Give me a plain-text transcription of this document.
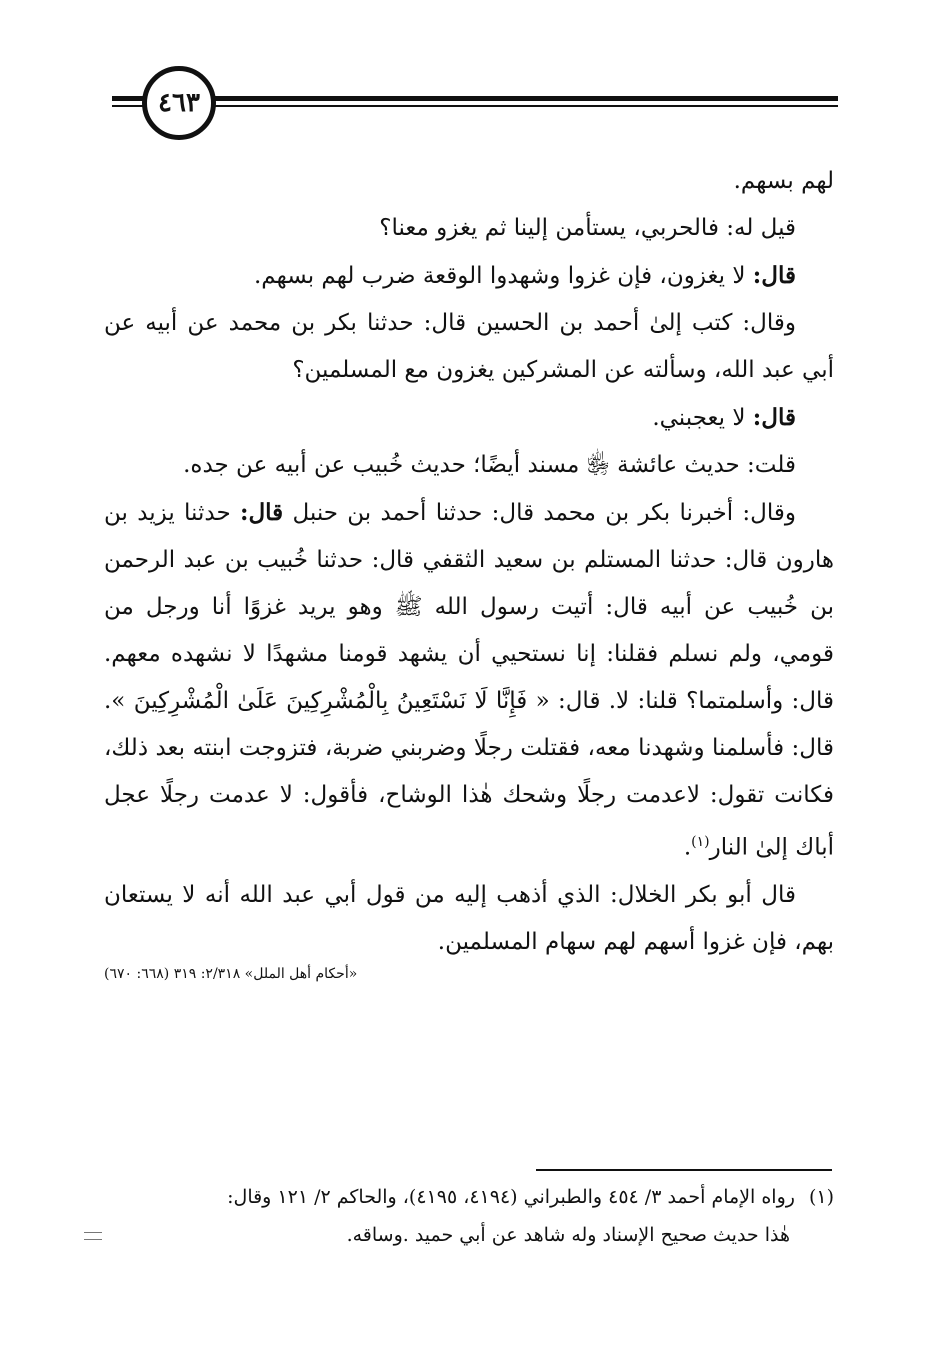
٤٦٣

لهم بسهم.

قيل له: فالحربي، يستأمن إلينا ثم يغزو معنا؟

قال: لا يغزون، فإن غزوا وشهدوا الوقعة ضرب لهم بسهم.

وقال: كتب إلىٰ أحمد بن الحسين قال: حدثنا بكر بن محمد عن أبيه عن أبي عبد الله، وسألته عن المشركين يغزون مع المسلمين؟

قال: لا يعجبني.

قلت: حديث عائشة ﵂ مسند أيضًا؛ حديث خُبيب عن أبيه عن جده.

وقال: أخبرنا بكر بن محمد قال: حدثنا أحمد بن حنبل قال: حدثنا يزيد بن هارون قال: حدثنا المستلم بن سعيد الثقفي قال: حدثنا خُبيب بن عبد الرحمن بن خُبيب عن أبيه قال: أتيت رسول الله ﷺ وهو يريد غزوًا أنا ورجل من قومي، ولم نسلم فقلنا: إنا نستحيي أن يشهد قومنا مشهدًا لا نشهده معهم. قال: وأسلمتما؟ قلنا: لا. قال: « فَإِنَّا لَا نَسْتَعِينُ بِالْمُشْرِكِينَ عَلَىٰ الْمُشْرِكِينَ ». قال: فأسلمنا وشهدنا معه، فقتلت رجلًا وضربني ضربة، فتزوجت ابنته بعد ذلك، فكانت تقول: لاعدمت رجلًا وشحك هٰذا الوشاح، فأقول: لا عدمت رجلًا عجل أباك إلىٰ النار$^{(١)}$.

قال أبو بكر الخلال: الذي أذهب إليه من قول أبي عبد الله أنه لا يستعان بهم، فإن غزوا أسهم لهم سهام المسلمين.

«أحكام أهل الملل» ٢/٣١٨: ٣١٩ (٦٦٨: ٦٧٠)
(١)رواه الإمام أحمد ٣/ ٤٥٤ والطبراني (٤١٩٤، ٤١٩٥)، والحاكم ٢/ ١٢١ وقال:
هٰذا حديث صحيح الإسناد وله شاهد عن أبي حميد .وساقه.
